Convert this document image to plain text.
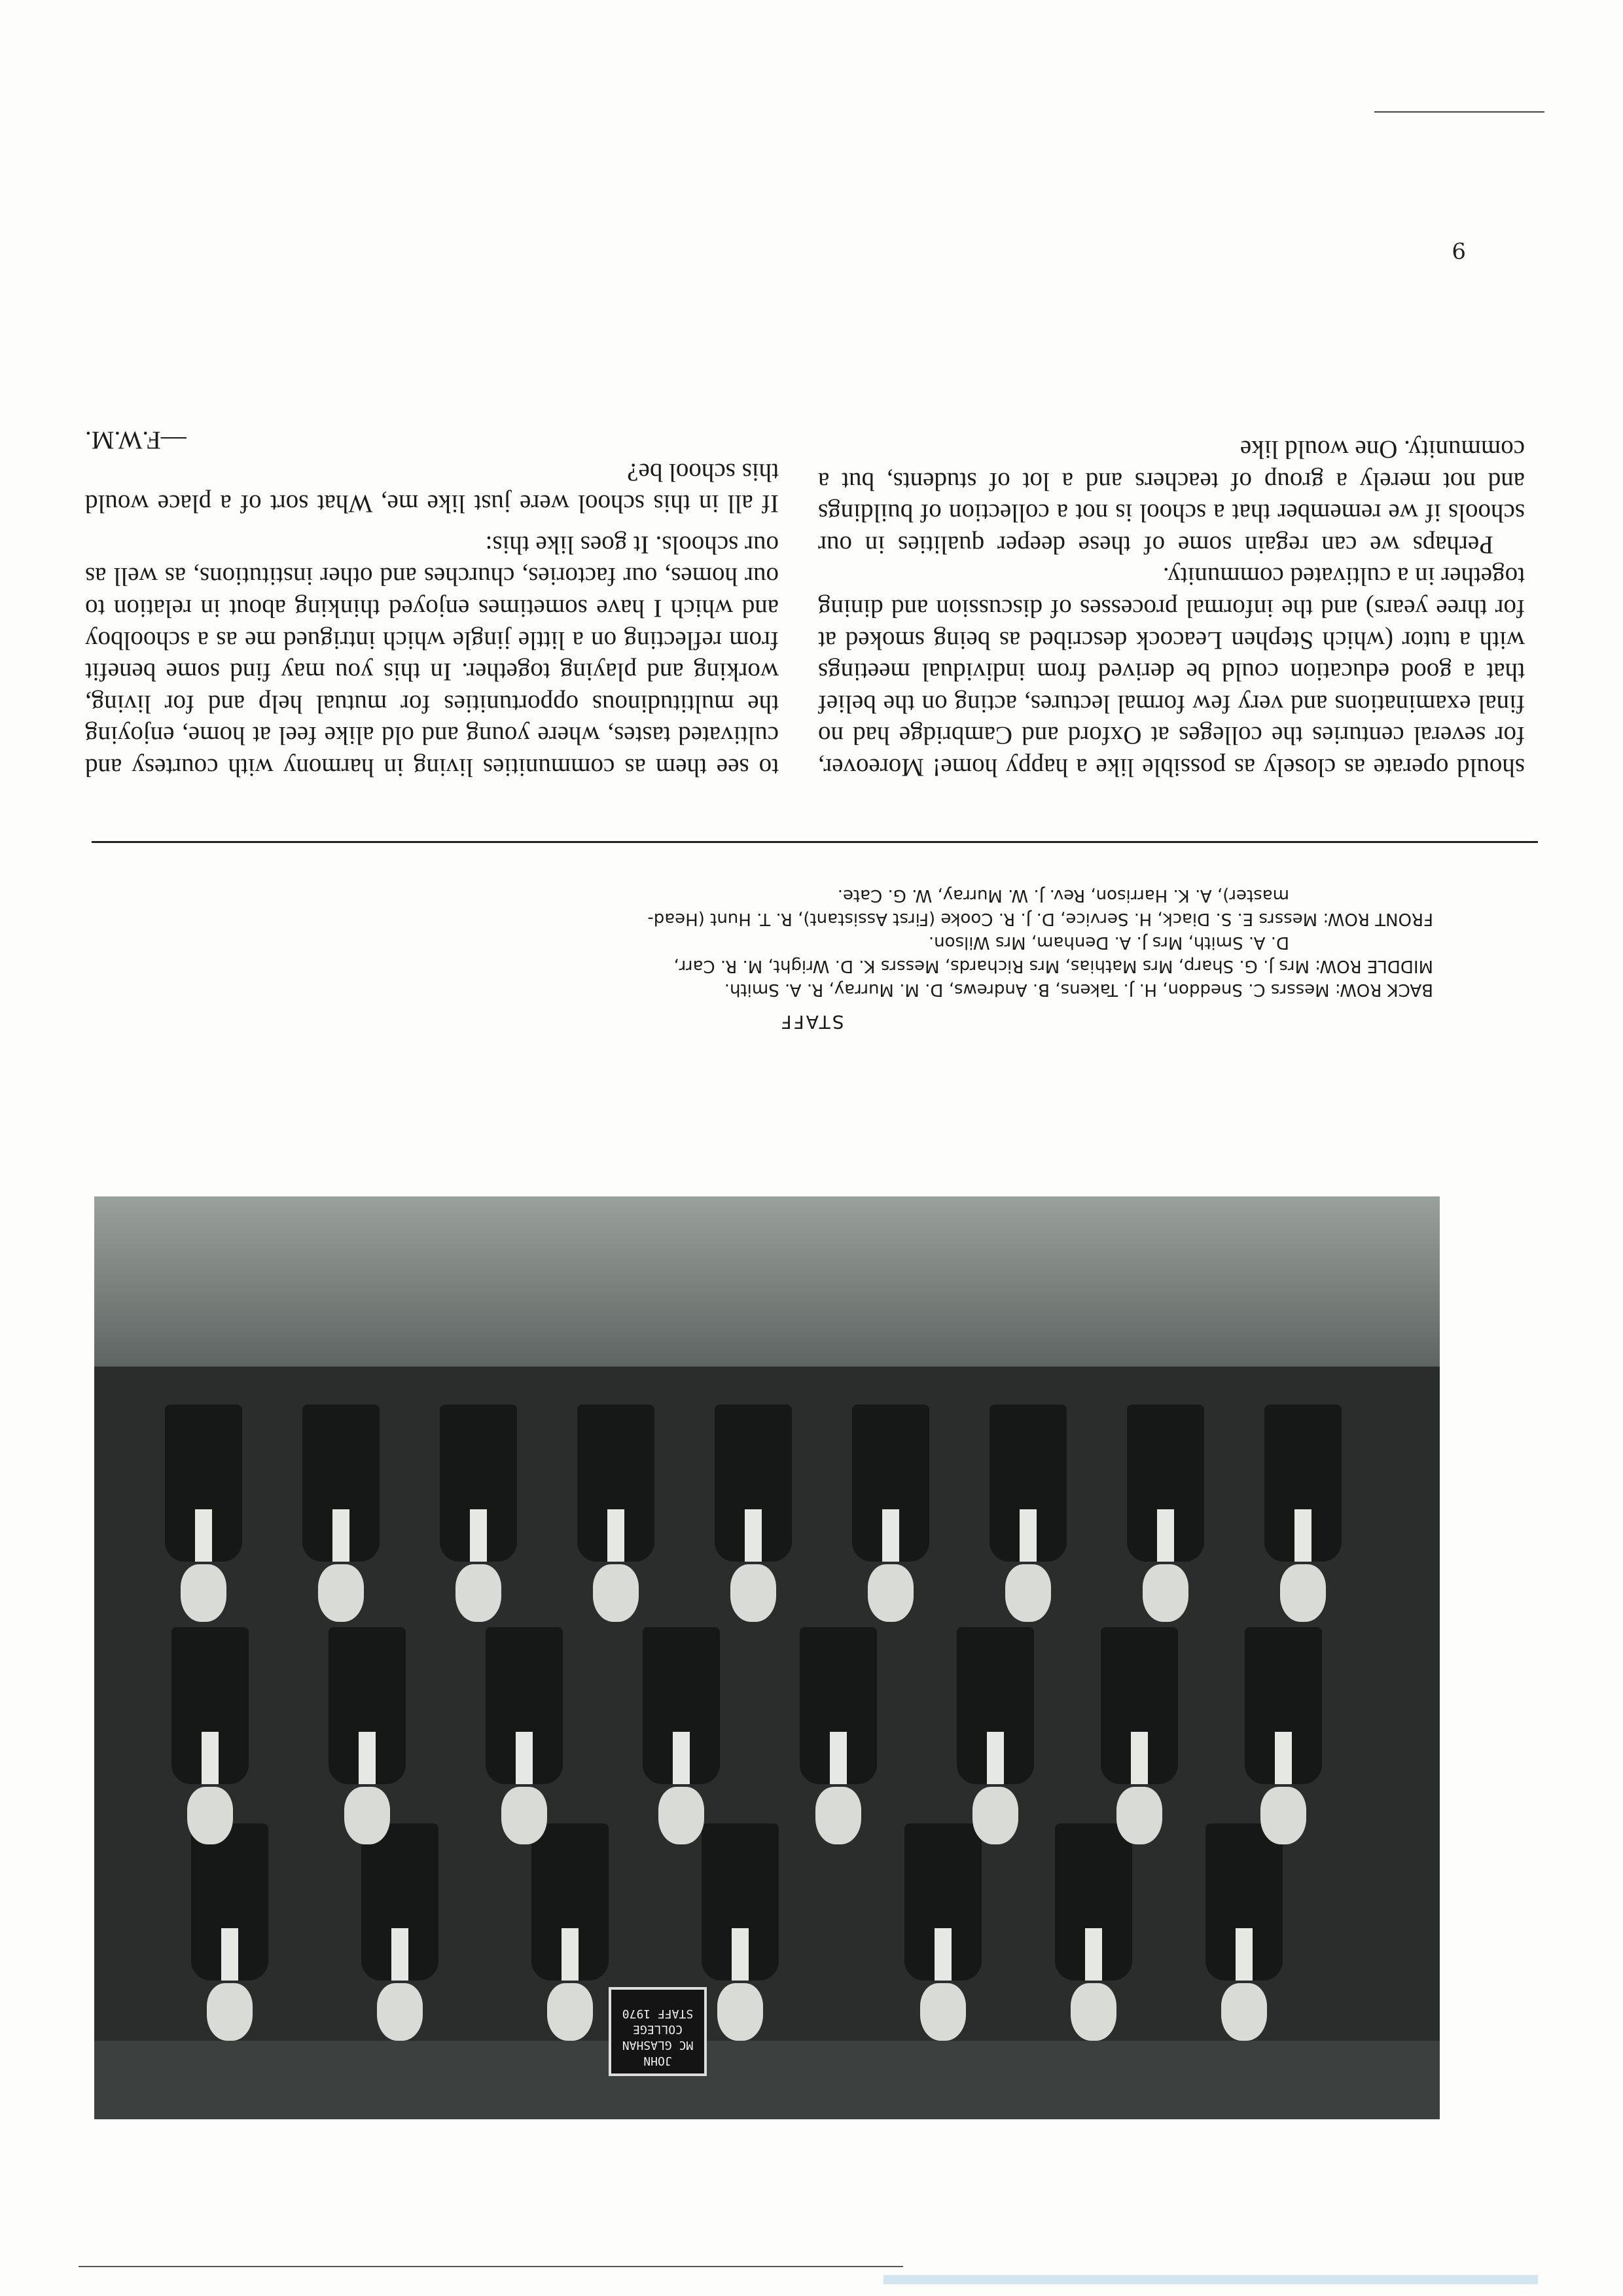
9

should operate as closely as possible like a happy home! Moreover, for several centuries the colleges at Oxford and Cambridge had no final examinations and very few formal lectures, acting on the belief that a good education could be derived from individual meetings with a tutor (which Stephen Leacock described as being smoked at for three years) and the informal processes of discussion and dining together in a cultivated community.

Perhaps we can regain some of these deeper qualities in our schools if we remember that a school is not a collection of buildings and not merely a group of teachers and a lot of students, but a community. One would like

to see them as communities living in harmony with courtesy and cultivated tastes, where young and old alike feel at home, enjoying the multitudinous opportunities for mutual help and for living, working and playing together. In this you may find some benefit from reflecting on a little jingle which intrigued me as a schoolboy and which I have sometimes enjoyed thinking about in relation to our homes, our factories, churches and other institutions, as well as our schools. It goes like this:

If all in this school were just like me, What sort of a place would this school be?

—F.W.M.

STAFF
BACK ROW: Messrs C. Sneddon, H. J. Takens, B. Andrews, D. M. Murray, R. A. Smith.
MIDDLE ROW: Mrs J. G. Sharp, Mrs Mathias, Mrs Richards, Messrs K. D. Wright, M. R. Carr,
D. A. Smith, Mrs J. A. Denham, Mrs Wilson.
FRONT ROW: Messrs E. S. Diack, H. Service, D. J. R. Cooke (First Assistant), R. T. Hunt (Head-
master), A. K. Harrison, Rev. J. W. Murray, W. G. Cate.
JOHN
MC GLASHAN
COLLEGE
STAFF 1970
